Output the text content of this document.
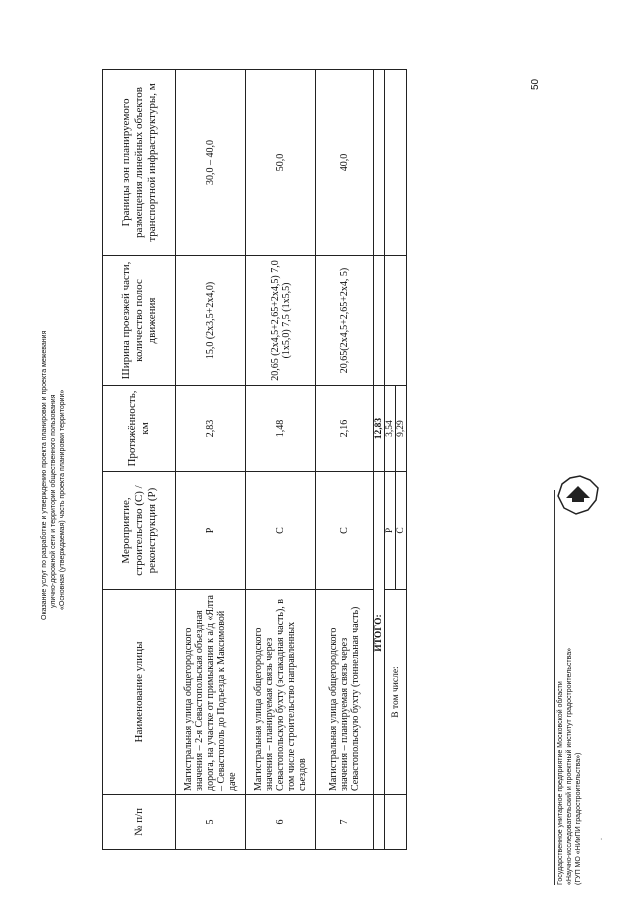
Оказание услуг по разработке и утверждению проекта планировки и проекта межевания улично-дорожной сети и территории общественного пользования «Основная (утверждаемая) часть проекта планировки территории»
№ п/п	Наименование улицы	Мероприятие, строительство (С) / реконструкция (Р)	Протяжённость, км	Ширина проезжей части, количество полос движения	Границы зон планируемого размещения линейных объектов транспортной инфраструктуры, м
5	Магистральная улица общегородского значения – 2-я Севастопольская объездная дорога, на участке от примыкания к а/д «Ялта – Севастополь до Подъезда к Максимовой даче	Р	2,83	15,0 (2х3,5+2х4,0)	30,0 – 40,0
6	Магистральная улица общегородского значения – планируемая связь через Севастопольскую бухту (эстакадная часть), в том числе строительство направленных съездов	С	1,48	20,65 (2х4,5+2,65+2х4,5) 7,0 (1х5,0) 7,5 (1х5,5)	50,0
7	Магистральная улица общегородского значения – планируемая связь через Севастопольскую бухту (тоннельная часть)	С	2,16	20,65(2х4,5+2,65+2х4, 5)	40,0
	ИТОГО:		12,83		
	В том числе:	Р	3,54		
		С	9,29		
Государственное унитарное предприятие Московской области «Научно-исследовательский и проектный институт градостроительства» (ГУП МО «НИиПИ градостроительства»)
50
·
